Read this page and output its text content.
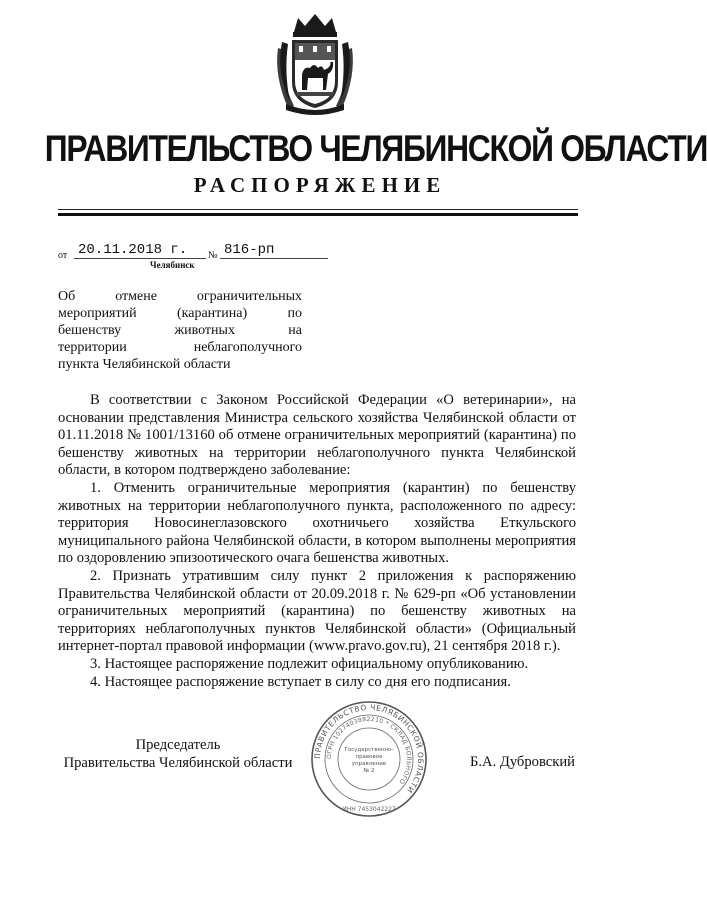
ПРАВИТЕЛЬСТВО ЧЕЛЯБИНСКОЙ ОБЛАСТИ
РАСПОРЯЖЕНИЕ
от 20.11.2018 г.	№ 816-рп
Челябинск
Об отмене ограничительных
мероприятий (карантина) по
бешенству животных на
территории неблагополучного
пункта Челябинской области

В соответствии с Законом Российской Федерации «О ветеринарии», на основании представления Министра сельского хозяйства Челябинской области от 01.11.2018 № 1001/13160 об отмене ограничительных мероприятий (карантина) по бешенству животных на территории неблагополучного пункта Челябинской области, в котором подтверждено заболевание:

1. Отменить ограничительные мероприятия (карантин) по бешенству животных на территории неблагополучного пункта, расположенного по адресу: территория Новосинеглазовского охотничьего хозяйства Еткульского муниципального района Челябинской области, в котором выполнены мероприятия по оздоровлению эпизоотического очага бешенства животных.

2. Признать утратившим силу пункт 2 приложения к распоряжению Правительства Челябинской области от 20.09.2018 г. № 629-рп «Об установлении ограничительных мероприятий (карантина) по бешенству животных на территориях неблагополучных пунктов Челябинской области» (Официальный интернет-портал правовой информации (www.pravo.gov.ru), 21 сентября 2018 г.).

3. Настоящее распоряжение подлежит официальному опубликованию.

4. Настоящее распоряжение вступает в силу со дня его подписания.

Председатель
Правительства Челябинской области	ПРАВИТЕЛЬСТВО ЧЕЛЯБИНСКОЙ ОБЛАСТИ
ОГРН 1027403882210 * СКЛАД БОЛЬНОГО
Государственно-
правовое
управление
№ 2
ИНН 7453042227
Б.А. Дубровский
